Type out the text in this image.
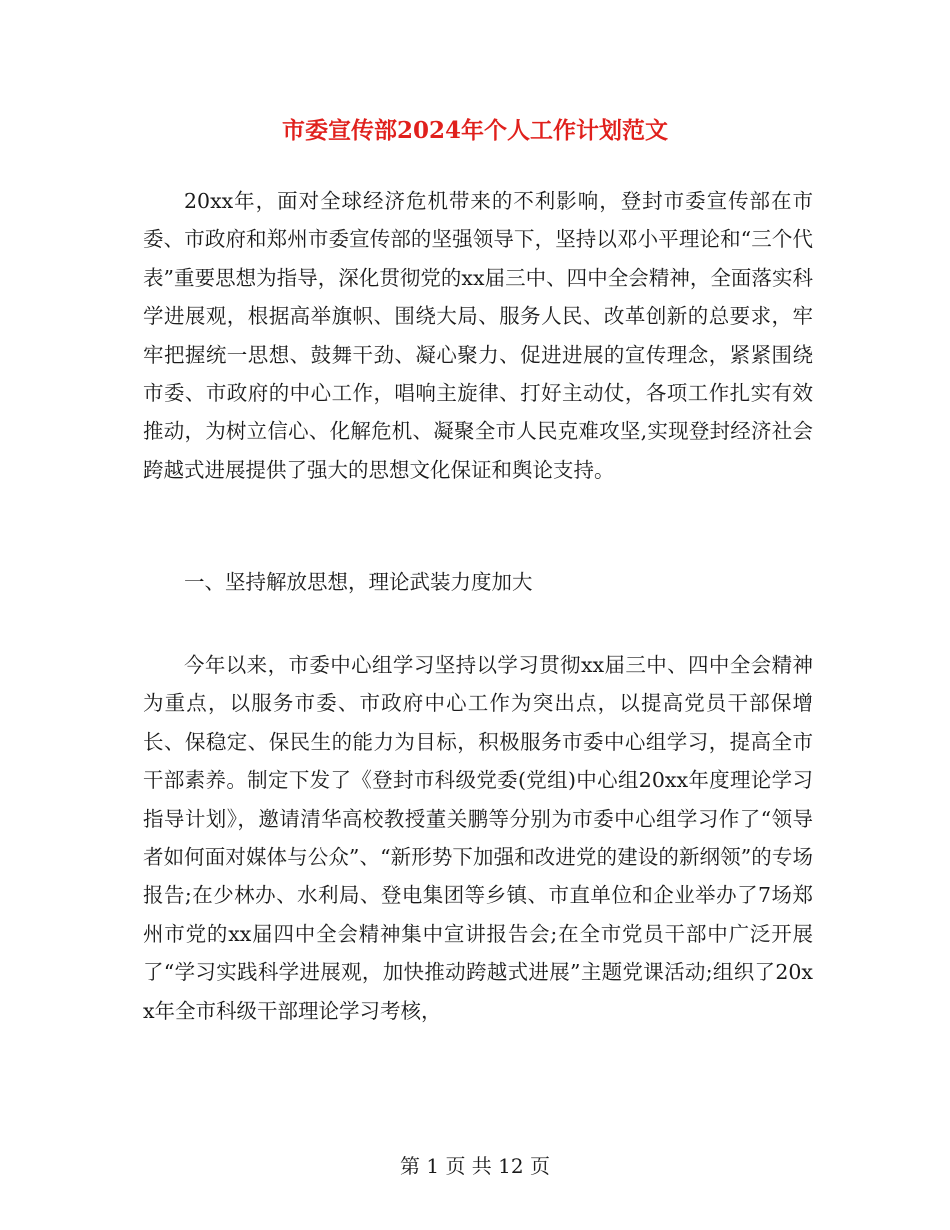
市委宣传部2024年个人工作计划范文

20xx年，面对全球经济危机带来的不利影响，登封市委宣传部在市委、市政府和郑州市委宣传部的坚强领导下，坚持以邓小平理论和“三个代表”重要思想为指导，深化贯彻党的xx届三中、四中全会精神，全面落实科学进展观，根据高举旗帜、围绕大局、服务人民、改革创新的总要求，牢牢把握统一思想、鼓舞干劲、凝心聚力、促进进展的宣传理念，紧紧围绕市委、市政府的中心工作，唱响主旋律、打好主动仗，各项工作扎实有效推动，为树立信心、化解危机、凝聚全市人民克难攻坚,实现登封经济社会跨越式进展提供了强大的思想文化保证和舆论支持。

一、坚持解放思想，理论武装力度加大

今年以来，市委中心组学习坚持以学习贯彻xx届三中、四中全会精神为重点，以服务市委、市政府中心工作为突出点，以提高党员干部保增长、保稳定、保民生的能力为目标，积极服务市委中心组学习，提高全市干部素养。制定下发了《登封市科级党委(党组)中心组20xx年度理论学习指导计划》，邀请清华高校教授董关鹏等分别为市委中心组学习作了“领导者如何面对媒体与公众”、“新形势下加强和改进党的建设的新纲领”的专场报告;在少林办、水利局、登电集团等乡镇、市直单位和企业举办了7场郑州市党的xx届四中全会精神集中宣讲报告会;在全市党员干部中广泛开展了“学习实践科学进展观，加快推动跨越式进展”主题党课活动;组织了20xx年全市科级干部理论学习考核，

第 1 页 共 12 页
